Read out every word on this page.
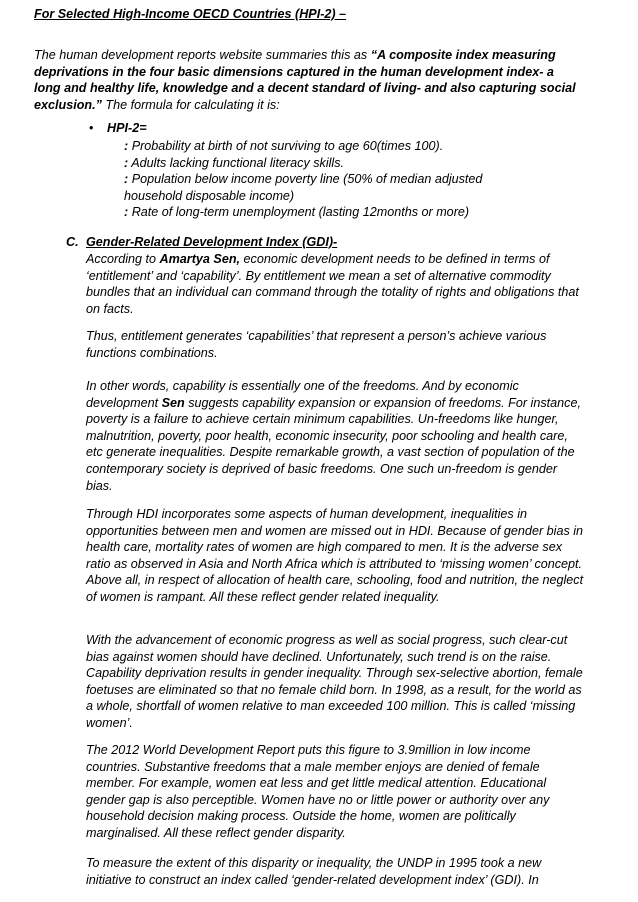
For Selected High-Income OECD Countries (HPI-2) –

The human development reports website summaries this as “A composite index measuring deprivations in the four basic dimensions captured in the human development index- a long and healthy life, knowledge and a decent standard of living- and also capturing social exclusion.” The formula for calculating it is:

• HPI-2=

: Probability at birth of not surviving to age 60(times 100).
: Adults lacking functional literacy skills.
: Population below income poverty line (50% of median adjusted household disposable income)
: Rate of long-term unemployment (lasting 12months or more)

C. Gender-Related Development Index (GDI)-

According to Amartya Sen, economic development needs to be defined in terms of ‘entitlement’ and ‘capability’. By entitlement we mean a set of alternative commodity bundles that an individual can command through the totality of rights and obligations that on facts.

Thus, entitlement generates ‘capabilities’ that represent a person’s achieve various functions combinations.

In other words, capability is essentially one of the freedoms. And by economic development Sen suggests capability expansion or expansion of freedoms. For instance, poverty is a failure to achieve certain minimum capabilities. Un-freedoms like hunger, malnutrition, poverty, poor health, economic insecurity, poor schooling and health care, etc generate inequalities. Despite remarkable growth, a vast section of population of the contemporary society is deprived of basic freedoms. One such un-freedom is gender bias.

Through HDI incorporates some aspects of human development, inequalities in opportunities between men and women are missed out in HDI. Because of gender bias in health care, mortality rates of women are high compared to men. It is the adverse sex ratio as observed in Asia and North Africa which is attributed to ‘missing women’ concept. Above all, in respect of allocation of health care, schooling, food and nutrition, the neglect of women is rampant. All these reflect gender related inequality.

With the advancement of economic progress as well as social progress, such clear-cut bias against women should have declined. Unfortunately, such trend is on the raise. Capability deprivation results in gender inequality. Through sex-selective abortion, female foetuses are eliminated so that no female child born. In 1998, as a result, for the world as a whole, shortfall of women relative to man exceeded 100 million. This is called ‘missing women’.

The 2012 World Development Report puts this figure to 3.9million in low income countries. Substantive freedoms that a male member enjoys are denied of female member. For example, women eat less and get little medical attention. Educational gender gap is also perceptible. Women have no or little power or authority over any household decision making process. Outside the home, women are politically marginalised. All these reflect gender disparity.

To measure the extent of this disparity or inequality, the UNDP in 1995 took a new initiative to construct an index called ‘gender-related development index’ (GDI). In
